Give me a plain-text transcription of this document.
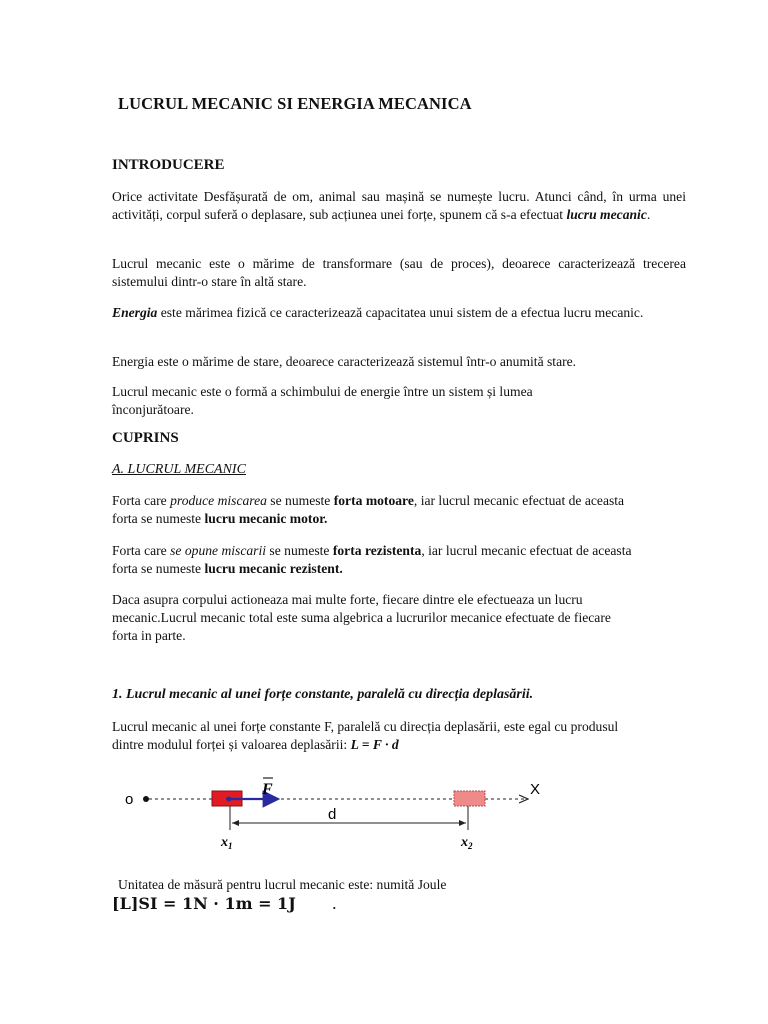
LUCRUL MECANIC SI ENERGIA MECANICA
INTRODUCERE
Orice activitate Desfășurată de om, animal sau mașină se numește lucru. Atunci când, în urma unei activități, corpul suferă o deplasare, sub acțiunea unei forțe, spunem că s-a efectuat lucru mecanic.
Lucrul mecanic este o mărime de transformare (sau de proces), deoarece caracterizează trecerea sistemului dintr-o stare în altă stare.
Energia este mărimea fizică ce caracterizează capacitatea unui sistem de a efectua lucru mecanic.
Energia este o mărime de stare, deoarece caracterizează sistemul într-o anumită stare.
Lucrul mecanic este o formă a schimbului de energie între un sistem și lumea înconjurătoare.
CUPRINS
A. LUCRUL MECANIC
Forta care produce miscarea se numeste forta motoare, iar lucrul mecanic efectuat de aceasta forta se numeste lucru mecanic motor.
Forta care se opune miscarii se numeste forta rezistenta, iar lucrul mecanic efectuat de aceasta forta se numeste lucru mecanic rezistent.
Daca asupra corpului actioneaza mai multe forte, fiecare dintre ele efectueaza un lucru mecanic.Lucrul mecanic total este suma algebrica a lucrurilor mecanice efectuate de fiecare forta in parte.
1. Lucrul mecanic al unei forțe constante, paralelă cu direcția deplasării.
Lucrul mecanic al unei forțe constante F, paralelă cu direcția deplasării, este egal cu produsul dintre modulul forței și valoarea deplasării: L = F · d
o
X
F
d
$x_1$	$x_2$
Unitatea de măsură pentru lucrul mecanic este: numită Joule
[L]SI = 1N · 1m = 1J .
